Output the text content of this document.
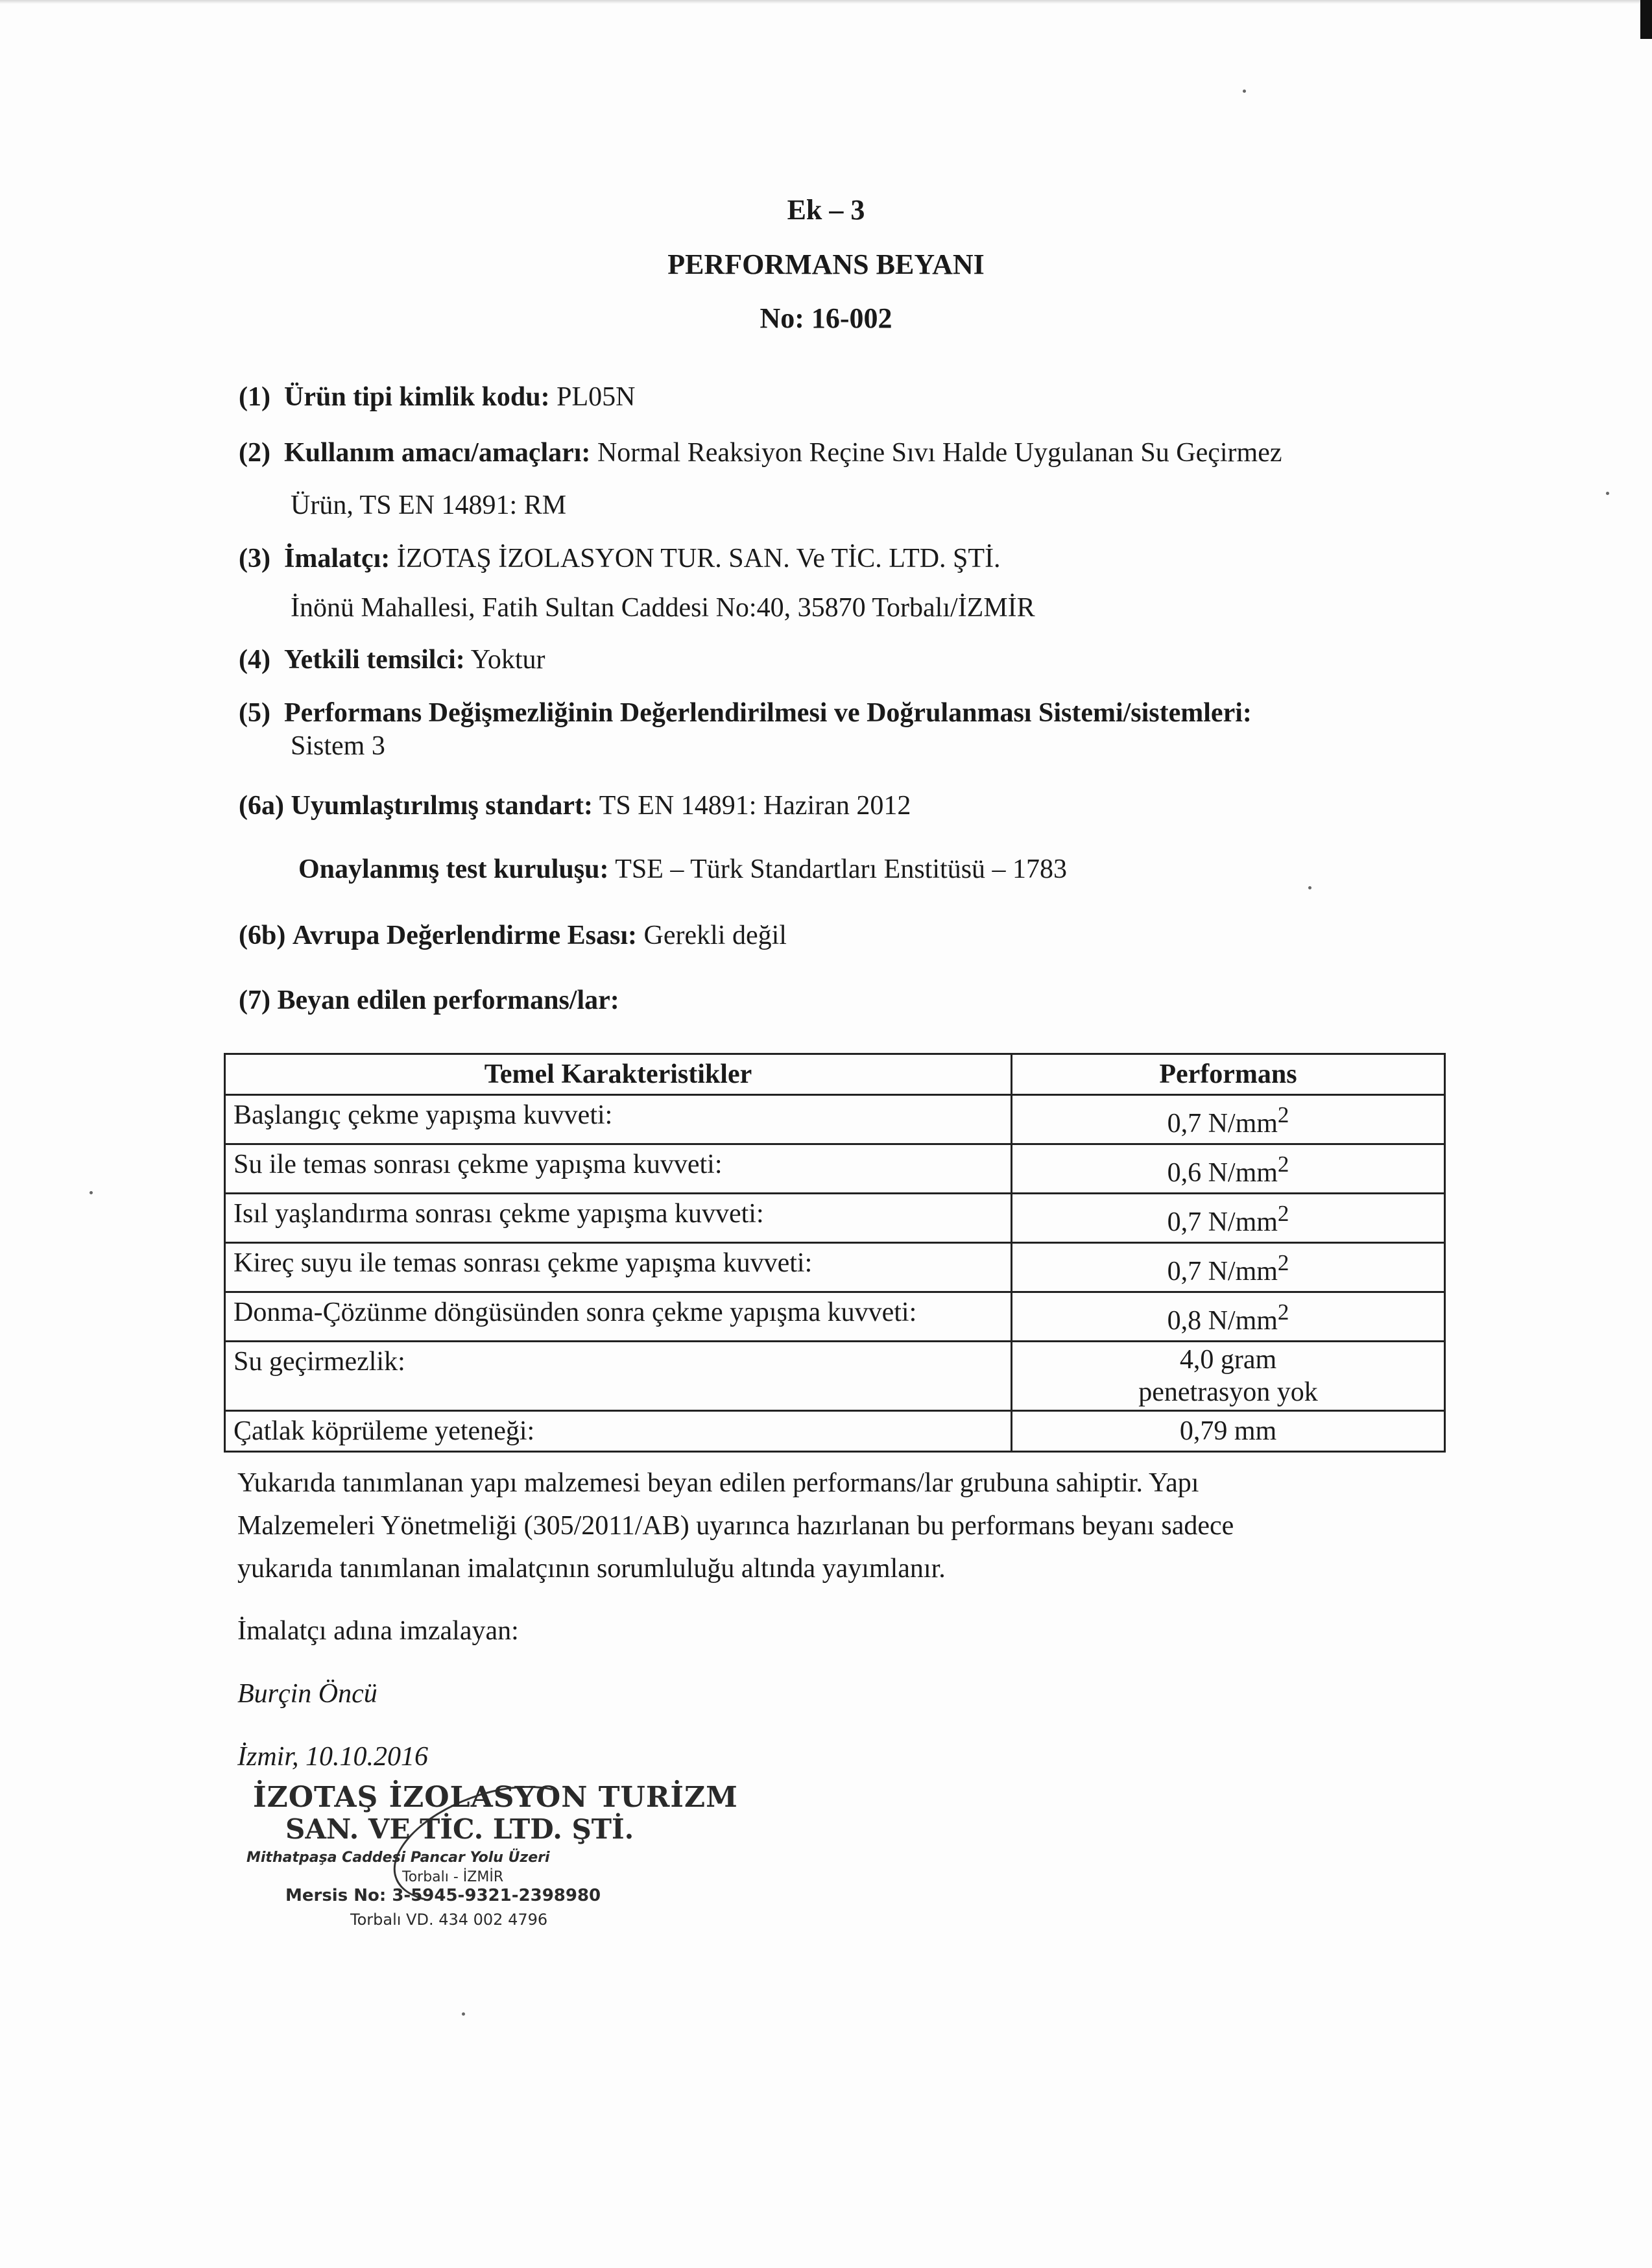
Ek – 3
PERFORMANS BEYANI
No: 16-002
(1) Ürün tipi kimlik kodu: PL05N
(2) Kullanım amacı/amaçları: Normal Reaksiyon Reçine Sıvı Halde Uygulanan Su Geçirmez
Ürün, TS EN 14891: RM
(3) İmalatçı: İZOTAŞ İZOLASYON TUR. SAN. Ve TİC. LTD. ŞTİ.
İnönü Mahallesi, Fatih Sultan Caddesi No:40, 35870 Torbalı/İZMİR
(4) Yetkili temsilci: Yoktur
(5) Performans Değişmezliğinin Değerlendirilmesi ve Doğrulanması Sistemi/sistemleri:
Sistem 3
(6a) Uyumlaştırılmış standart: TS EN 14891: Haziran 2012
Onaylanmış test kuruluşu: TSE – Türk Standartları Enstitüsü – 1783
(6b) Avrupa Değerlendirme Esası: Gerekli değil
(7) Beyan edilen performans/lar:
Temel Karakteristikler	Performans
Başlangıç çekme yapışma kuvveti:	0,7 $N/mm^2$
Su ile temas sonrası çekme yapışma kuvveti:	0,6 $N/mm^2$
Isıl yaşlandırma sonrası çekme yapışma kuvveti:	0,7 $N/mm^2$
Kireç suyu ile temas sonrası çekme yapışma kuvveti:	0,7 $N/mm^2$
Donma-Çözünme döngüsünden sonra çekme yapışma kuvveti:	0,8 $N/mm^2$
Su geçirmezlik:	4,0 gram
penetrasyon yok

Çatlak köprüleme yeteneği:	0,79 mm
Yukarıda tanımlanan yapı malzemesi beyan edilen performans/lar grubuna sahiptir. Yapı
Malzemeleri Yönetmeliği (305/2011/AB) uyarınca hazırlanan bu performans beyanı sadece
yukarıda tanımlanan imalatçının sorumluluğu altında yayımlanır.
İmalatçı adına imzalayan:
Burçin Öncü
İzmir, 10.10.2016
İZOTAŞ İZOLASYON TURİZM
SAN. VE TİC. LTD. ŞTİ.
Mithatpaşa Caddesi Pancar Yolu Üzeri
Torbalı - İZMİR
Mersis No: 3-5945-9321-2398980
Torbalı VD. 434 002 4796
